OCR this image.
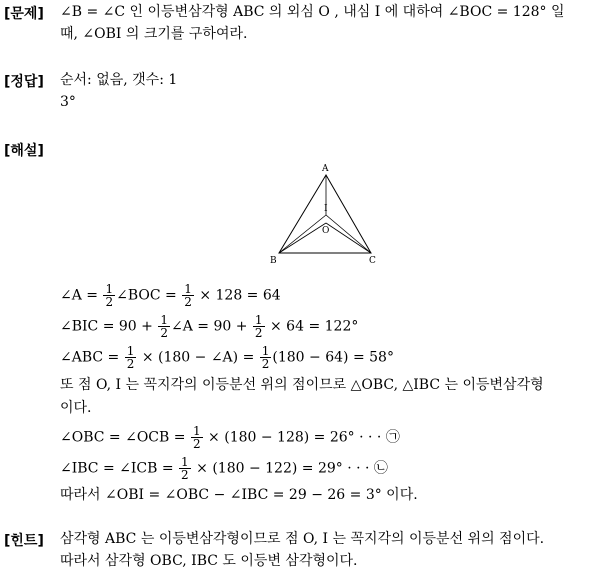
[문제] ∠B = ∠C 인 이등변삼각형 ABC 의 외심 O , 내심 I 에 대하여 ∠BOC = 128° 일
때, ∠OBI 의 크기를 구하여라.
[정답] 순서: 없음, 갯수: 1
3°
[해설]
A
B	C
I
O
∠A = $\frac{1}{2}$ ∠BOC = $\frac{1}{2} \times 128 = 64$
∠BIC = $90 + \frac{1}{2}$ ∠A = $90 + \frac{1}{2} \times 64 = 122^\circ$
∠ABC = $\frac{1}{2} \times (180$ − ∠A) = $\frac{1}{2} (180 - 64) = 58^\circ$
또 점 O, I 는 꼭지각의 이등분선 위의 점이므로 △OBC, △IBC 는 이등변삼각형
이다.
∠OBC = ∠OCB = $\frac{1}{2} \times (180 - 128) = 26^\circ$ · · · ㉠
∠IBC = ∠ICB = $\frac{1}{2} \times (180 - 122) = 29^\circ$ · · · ㉡
따라서 ∠OBI = ∠OBC − ∠IBC = 29 − 26 = 3° 이다.
[힌트] 삼각형 ABC 는 이등변삼각형이므로 점 O, I 는 꼭지각의 이등분선 위의 점이다.
따라서 삼각형 OBC, IBC 도 이등변 삼각형이다.
